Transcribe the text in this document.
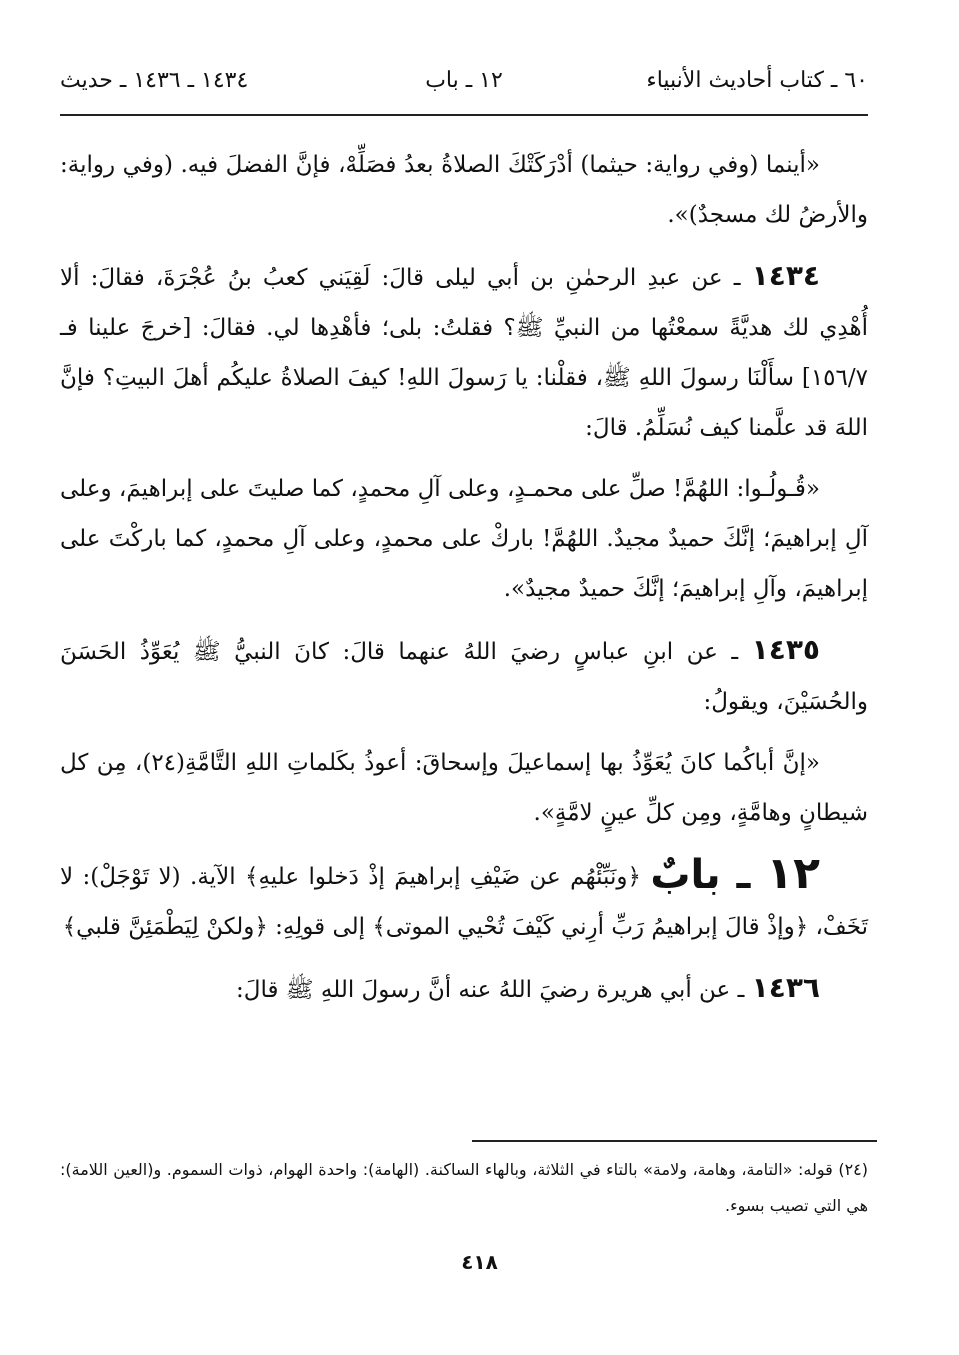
٦٠ ـ كتاب أحاديث الأنبياء
١٢ ـ باب
١٤٣٤ ـ ١٤٣٦ ـ حديث

«أينما (وفي رواية: حيثما) أدْرَكَتْكَ الصلاةُ بعدُ فصَلِّهْ، فإنَّ الفضلَ فيه. (وفي رواية: والأرضُ لك مسجدٌ)».

١٤٣٤ ـ عن عبدِ الرحمٰنِ بن أبي ليلى قالَ: لَقِيَني كعبُ بنُ عُجْرَةَ، فقالَ: ألا أُهْدِي لك هديَّةً سمعْتُها من النبيِّ ﷺ؟ فقلتُ: بلى؛ فأهْدِها لي. فقالَ: [خرجَ علينا فـ ١٥٦/٧] سأَلْنَا رسولَ اللهِ ﷺ، فقلْنا: يا رَسولَ اللهِ! كيفَ الصلاةُ عليكُم أهلَ البيتِ؟ فإنَّ اللهَ قد علَّمنا كيف نُسَلِّمُ. قالَ:

«قُـولُـوا: اللهُمَّ! صلِّ على محمـدٍ، وعلى آلِ محمدٍ، كما صليتَ على إبراهيمَ، وعلى آلِ إبراهيمَ؛ إنَّكَ حميدٌ مجيدٌ. اللهُمَّ! باركْ على محمدٍ، وعلى آلِ محمدٍ، كما باركْتَ على إبراهيمَ، وآلِ إبراهيمَ؛ إنَّكَ حميدٌ مجيدٌ».

١٤٣٥ ـ عن ابنِ عباسٍ رضيَ اللهُ عنهما قالَ: كانَ النبيُّ ﷺ يُعَوِّذُ الحَسَنَ والحُسَيْنَ، ويقولُ:

«إنَّ أباكُما كانَ يُعَوِّذُ بها إسماعيلَ وإسحاقَ: أعوذُ بكَلماتِ اللهِ التَّامَّةِ(٢٤)، مِن كل شيطانٍ وهامَّةٍ، ومِن كلِّ عينٍ لامَّةٍ».

١٢ ـ بابٌ ﴿ونَبِّئْهُم عن ضَيْفِ إبراهيمَ إذْ دَخلوا عليهِ﴾ الآية. (لا تَوْجَلْ): لا تَخَفْ، ﴿وإذْ قالَ إبراهيمُ رَبِّ أرِني كَيْفَ تُحْيي الموتى﴾ إلى قولِهِ: ﴿ولكنْ لِيَطْمَئِنَّ قلبي﴾

١٤٣٦ ـ عن أبي هريرة رضيَ اللهُ عنه أنَّ رسولَ اللهِ ﷺ قالَ:

(٢٤) قوله: «التامة، وهامة، ولامة» بالتاء في الثلاثة، وبالهاء الساكنة. (الهامة): واحدة الهوام، ذوات السموم. و(العين اللامة): هي التي تصيب بسوء.

٤١٨
